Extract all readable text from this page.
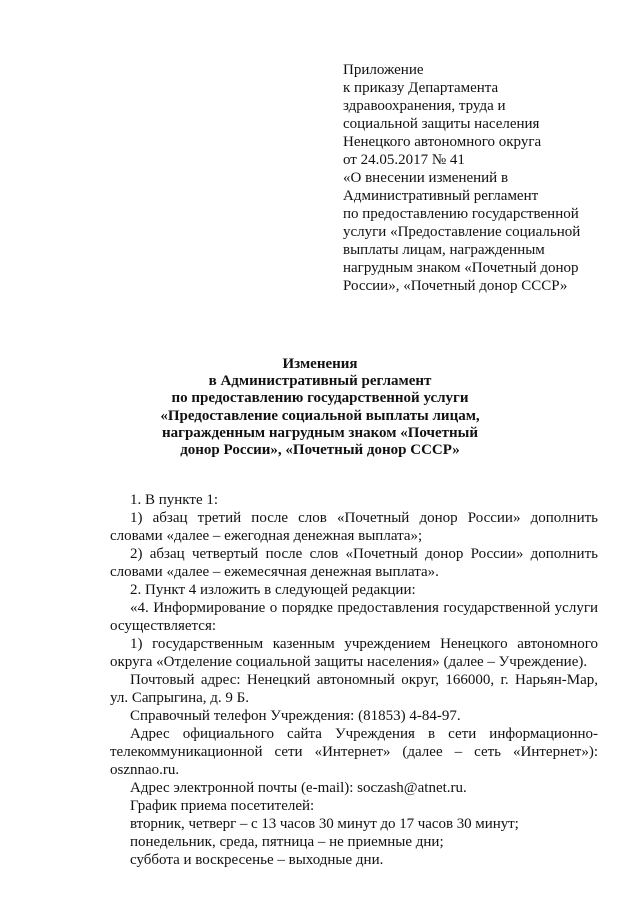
Приложение
к приказу Департамента
здравоохранения, труда и
социальной защиты населения
Ненецкого автономного округа
от 24.05.2017 № 41
«О внесении изменений в
Административный регламент
по предоставлению государственной
услуги «Предоставление социальной
выплаты лицам, награжденным
нагрудным знаком «Почетный донор
России», «Почетный донор СССР»
Изменения
в Административный регламент
по предоставлению государственной услуги
«Предоставление социальной выплаты лицам,
награжденным нагрудным знаком «Почетный
донор России», «Почетный донор СССР»
1. В пункте 1:
1) абзац третий после слов «Почетный донор России» дополнить словами «далее – ежегодная денежная выплата»;
2) абзац четвертый после слов «Почетный донор России» дополнить словами «далее – ежемесячная денежная выплата».
2. Пункт 4 изложить в следующей редакции:
«4. Информирование о порядке предоставления государственной услуги осуществляется:
1) государственным казенным учреждением Ненецкого автономного округа «Отделение социальной защиты населения» (далее – Учреждение).
Почтовый адрес: Ненецкий автономный округ, 166000, г. Нарьян-Мар, ул. Сапрыгина, д. 9 Б.
Справочный телефон Учреждения: (81853) 4-84-97.
Адрес официального сайта Учреждения в сети информационно-телекоммуникационной сети «Интернет» (далее – сеть «Интернет»): osznnao.ru.
Адрес электронной почты (e-mail): soczash@atnet.ru.
График приема посетителей:
вторник, четверг – с 13 часов 30 минут до 17 часов 30 минут;
понедельник, среда, пятница – не приемные дни;
суббота и воскресенье – выходные дни.
